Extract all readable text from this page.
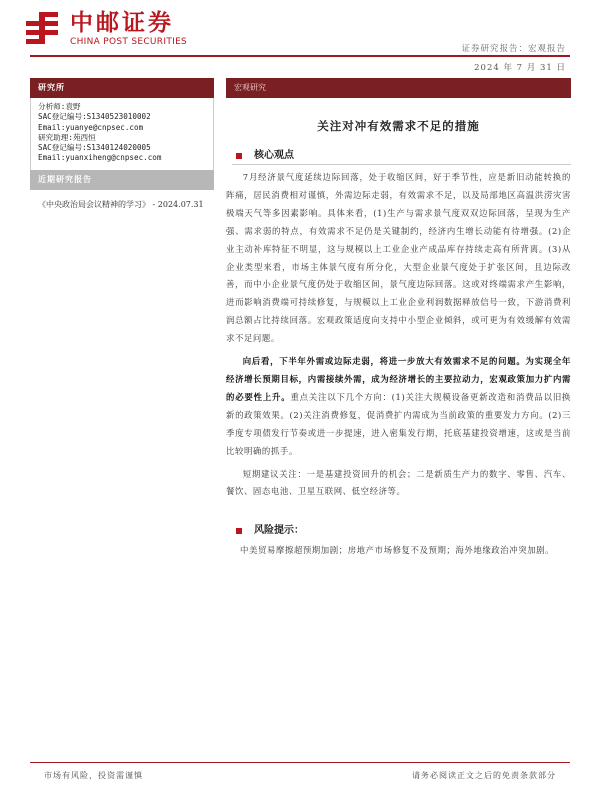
中邮证券
CHINA POST SECURITIES
证券研究报告：宏观报告
2024 年 7 月 31 日
研究所
分析师:袁野
SAC登记编号:S1340523010002
Email:yuanye@cnpsec.com
研究助理:苑西恒
SAC登记编号:S1340124020005
Email:yuanxiheng@cnpsec.com
近期研究报告
《中央政治局会议精神的学习》 - 2024.07.31
宏观研究
关注对冲有效需求不足的措施
核心观点

7月经济景气度延续边际回落，处于收缩区间，好于季节性，应是新旧动能转换的阵痛，居民消费相对谨慎，外需边际走弱，有效需求不足，以及局部地区高温洪涝灾害极端天气等多因素影响。具体来看，(1)生产与需求景气度双双边际回落，呈现为生产强、需求弱的特点，有效需求不足仍是关键制约，经济内生增长动能有待增强。(2)企业主动补库特征不明显，这与规模以上工业企业产成品库存持续走高有所背离。(3)从企业类型来看，市场主体景气度有所分化，大型企业景气度处于扩张区间，且边际改善，而中小企业景气度仍处于收缩区间，景气度边际回落。这或对终端需求产生影响，进而影响消费端可持续修复，与规模以上工业企业利润数据释放信号一致，下游消费利润总额占比持续回落。宏观政策适度向支持中小型企业倾斜，或可更为有效缓解有效需求不足问题。

向后看，下半年外需或边际走弱，将进一步放大有效需求不足的问题。为实现全年经济增长预期目标，内需接续外需，成为经济增长的主要拉动力，宏观政策加力扩内需的必要性上升。重点关注以下几个方向：(1)关注大规模设备更新改造和消费品以旧换新的政策效果。(2)关注消费修复，促消费扩内需成为当前政策的重要发力方向。(2)三季度专项债发行节奏或进一步提速，进入密集发行期，托底基建投资增速，这或是当前比较明确的抓手。

短期建议关注：一是基建投资回升的机会；二是新质生产力的数字、零售、汽车、餐饮、固态电池、卫星互联网、低空经济等。

风险提示：
中美贸易摩擦超预期加剧；房地产市场修复不及预期；海外地缘政治冲突加剧。
市场有风险，投资需谨慎	请务必阅读正文之后的免责条款部分
